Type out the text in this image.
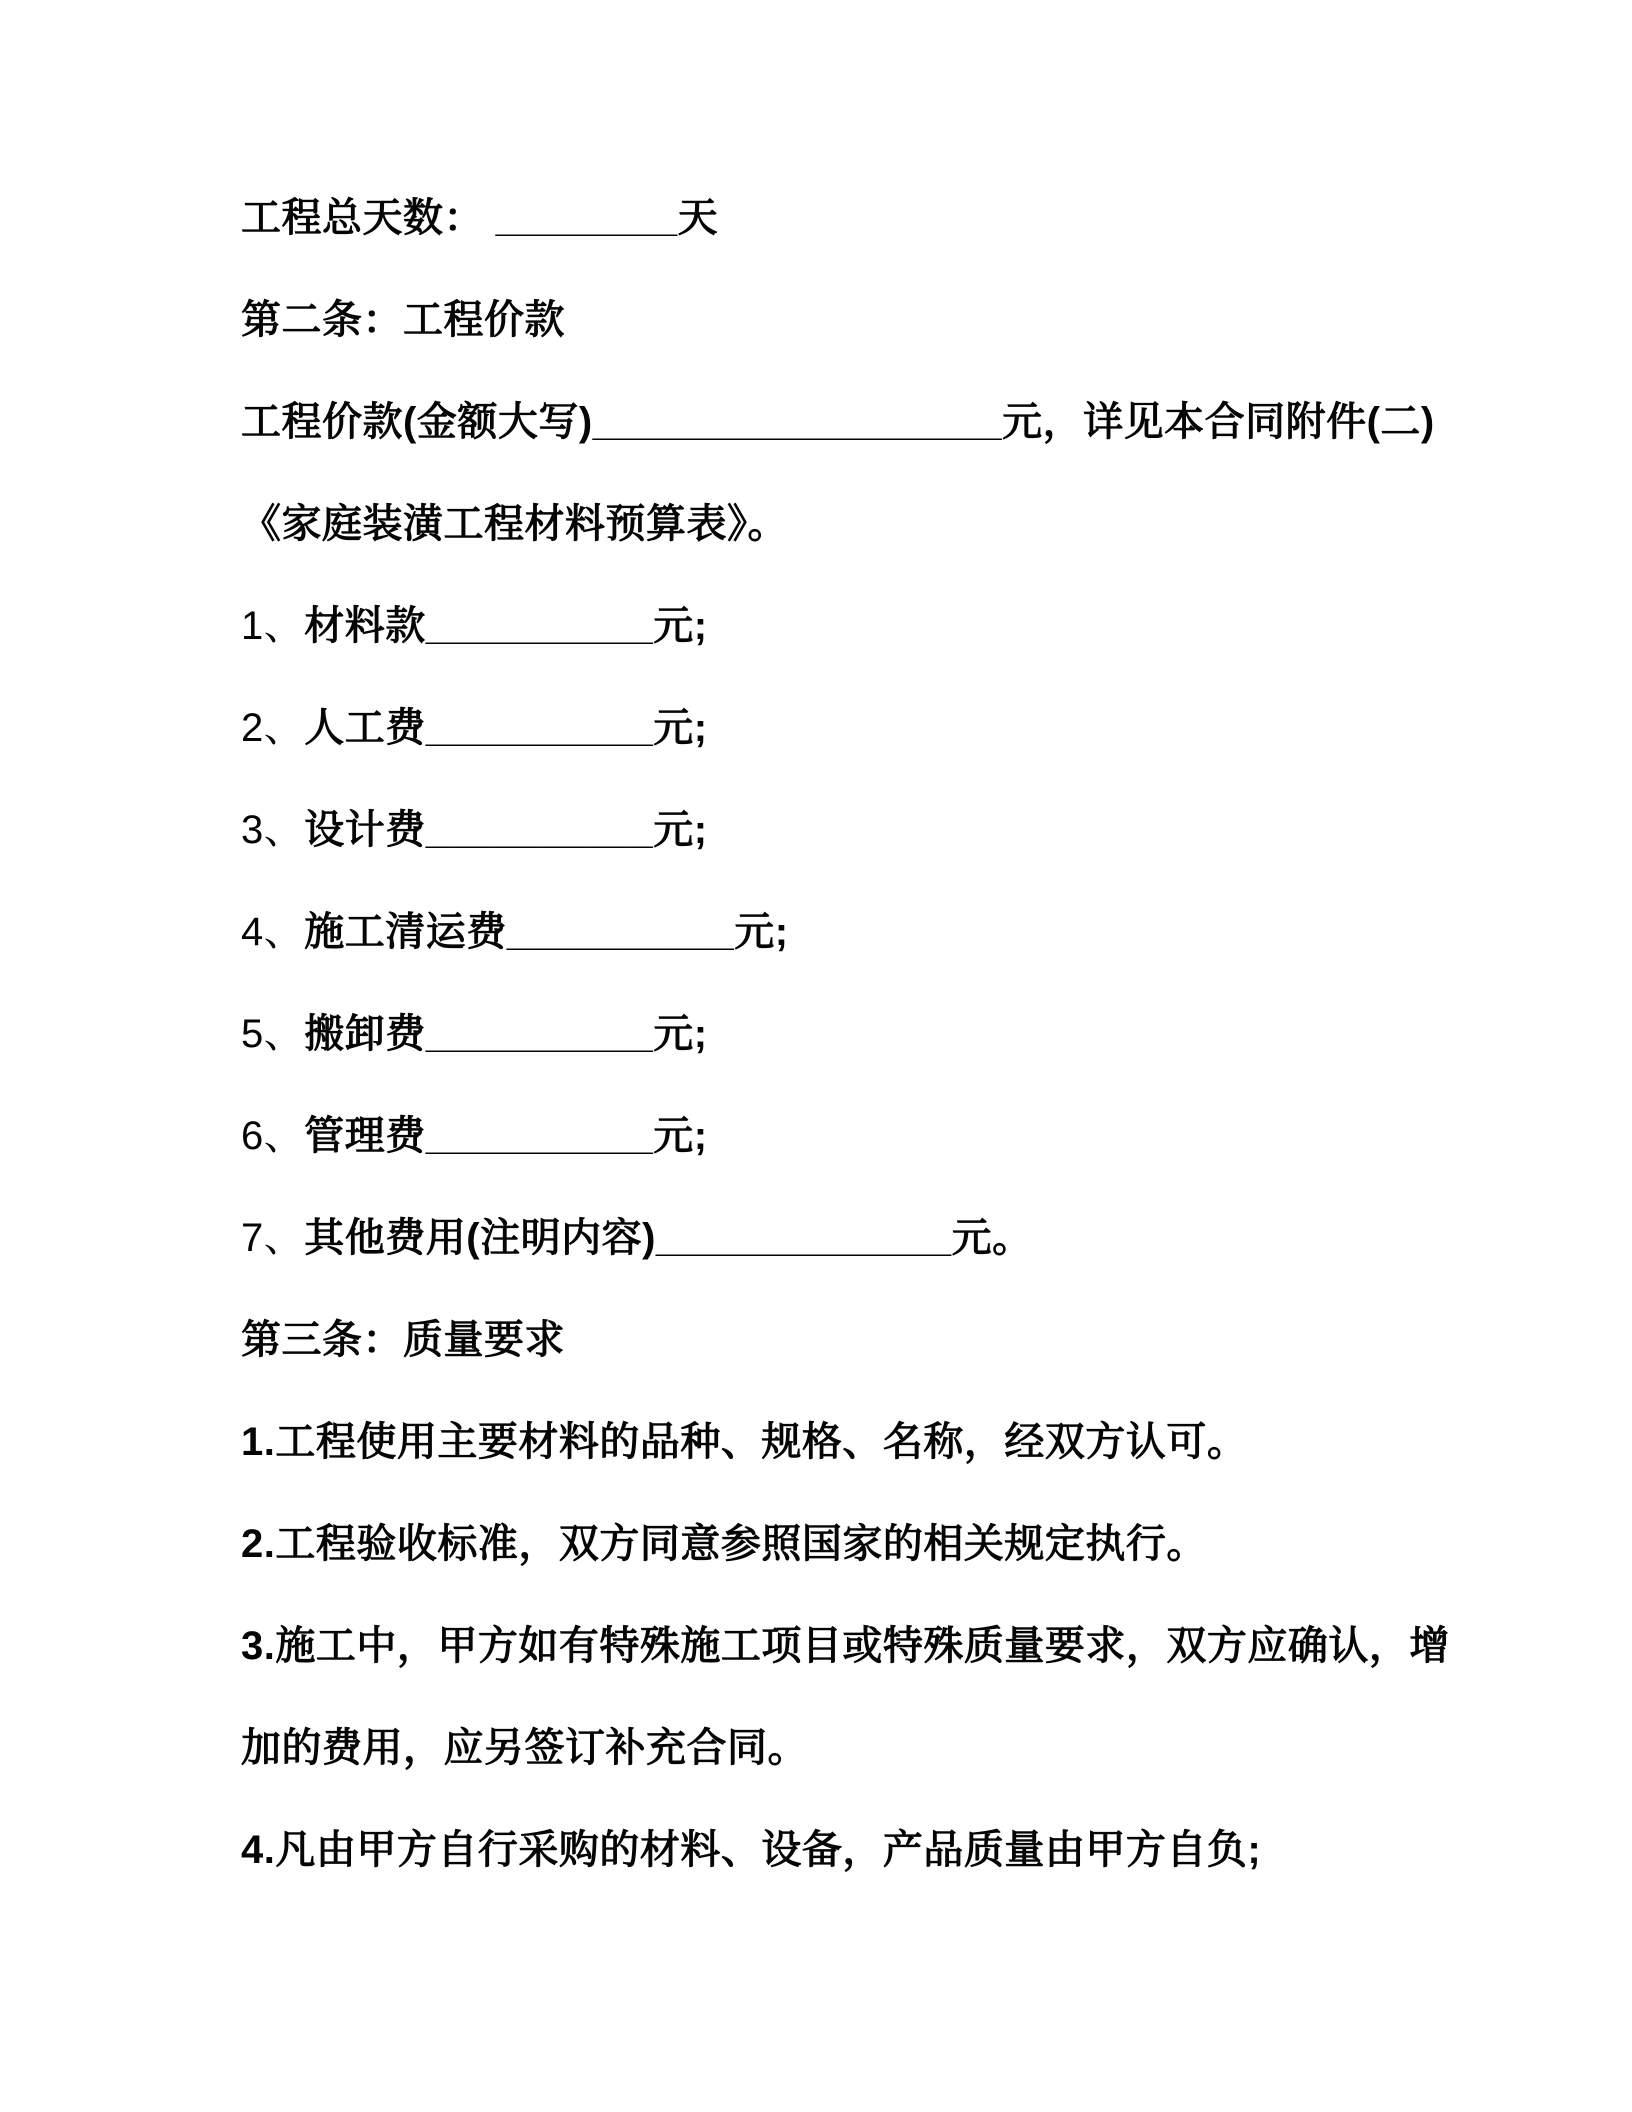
工程总天数： ________天

第二条：工程价款

工程价款(金额大写)__________________元，详见本合同附件(二)

《家庭装潢工程材料预算表》。

1、材料款__________元;

2、人工费__________元;

3、设计费__________元;

4、施工清运费__________元;

5、搬卸费__________元;

6、管理费__________元;

7、其他费用(注明内容)_____________元。

第三条：质量要求

1.工程使用主要材料的品种、规格、名称，经双方认可。

2.工程验收标准，双方同意参照国家的相关规定执行。

3.施工中，甲方如有特殊施工项目或特殊质量要求，双方应确认，增

加的费用，应另签订补充合同。

4.凡由甲方自行采购的材料、设备，产品质量由甲方自负;
